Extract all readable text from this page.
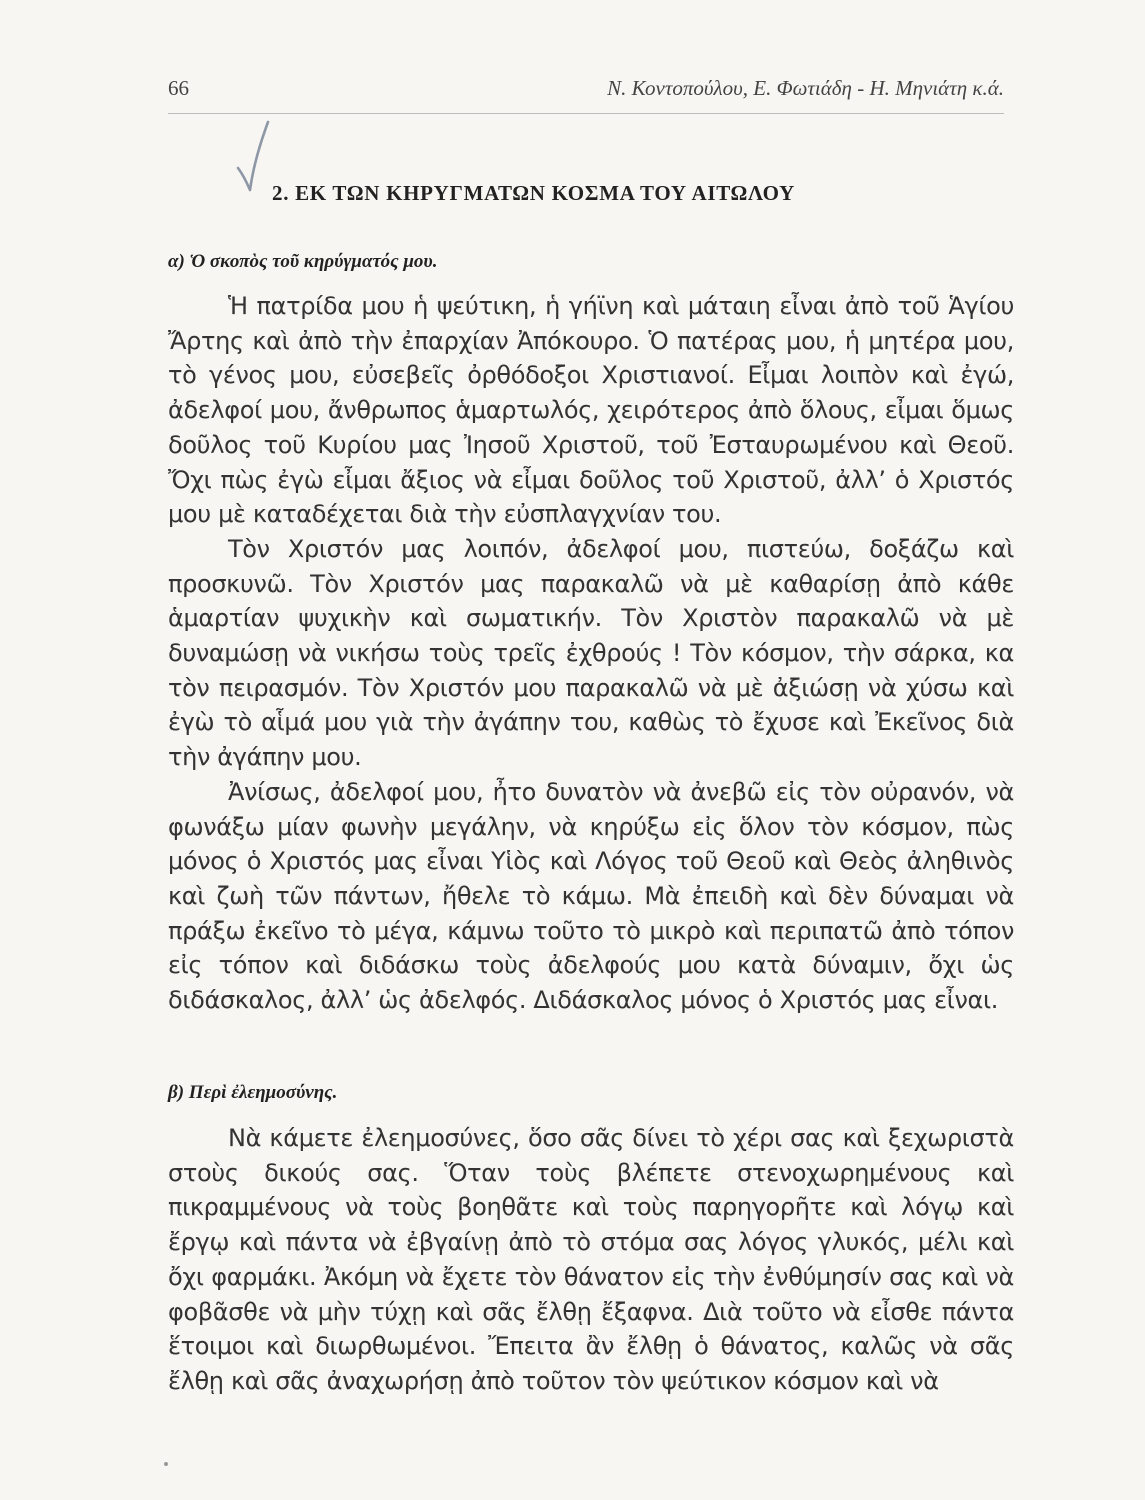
66	Ν. Κοντοπούλου, Ε. Φωτιάδη - Η. Μηνιάτη κ.ά.
2. ΕΚ ΤΩΝ ΚΗΡΥΓΜΑΤΩΝ ΚΟΣΜΑ ΤΟΥ ΑΙΤΩΛΟΥ
α) Ὁ σκοπὸς τοῦ κηρύγματός μου.

Ἡ πατρίδα μου ἡ ψεύτικη, ἡ γήϊνη καὶ μάταιη εἶναι ἀπὸ τοῦ Ἁγίου Ἄρτης καὶ ἀπὸ τὴν ἐπαρχίαν Ἀπόκουρο. Ὁ πατέρας μου, ἡ μητέρα μου, τὸ γένος μου, εὐσεβεῖς ὀρθόδοξοι Χριστιανοί. Εἶμαι λοιπὸν καὶ ἐγώ, ἀδελφοί μου, ἄνθρωπος ἁμαρτωλός, χειρότερος ἀπὸ ὅλους, εἶμαι ὅμως δοῦλος τοῦ Κυρίου μας Ἰησοῦ Χριστοῦ, τοῦ Ἐσταυρωμένου καὶ Θεοῦ. Ὄχι πὼς ἐγὼ εἶμαι ἄξιος νὰ εἶμαι δοῦλος τοῦ Χριστοῦ, ἀλλ’ ὁ Χριστός μου μὲ καταδέχεται διὰ τὴν εὐσπλαγχνίαν του.

Τὸν Χριστόν μας λοιπόν, ἀδελφοί μου, πιστεύω, δοξάζω καὶ προσκυνῶ. Τὸν Χριστόν μας παρακαλῶ νὰ μὲ καθαρίσῃ ἀπὸ κάθε ἁμαρτίαν ψυχικὴν καὶ σωματικήν. Τὸν Χριστὸν παρακαλῶ νὰ μὲ δυναμώσῃ νὰ νικήσω τοὺς τρεῖς ἐχθρούς ! Τὸν κόσμον, τὴν σάρκα, κα τὸν πειρασμόν. Τὸν Χριστόν μου παρακαλῶ νὰ μὲ ἀξιώσῃ νὰ χύσω καὶ ἐγὼ τὸ αἷμά μου γιὰ τὴν ἀγάπην του, καθὼς τὸ ἔχυσε καὶ Ἐκεῖνος διὰ τὴν ἀγάπην μου.

Ἀνίσως, ἀδελφοί μου, ἦτο δυνατὸν νὰ ἀνεβῶ εἰς τὸν οὐρανόν, νὰ φωνάξω μίαν φωνὴν μεγάλην, νὰ κηρύξω εἰς ὅλον τὸν κόσμον, πὼς μόνος ὁ Χριστός μας εἶναι Υἱὸς καὶ Λόγος τοῦ Θεοῦ καὶ Θεὸς ἀληθινὸς καὶ ζωὴ τῶν πάντων, ἤθελε τὸ κάμω. Μὰ ἐπειδὴ καὶ δὲν δύναμαι νὰ πράξω ἐκεῖνο τὸ μέγα, κάμνω τοῦτο τὸ μικρὸ καὶ περιπατῶ ἀπὸ τόπον εἰς τόπον καὶ διδάσκω τοὺς ἀδελφούς μου κατὰ δύναμιν, ὄχι ὡς διδάσκαλος, ἀλλ’ ὡς ἀδελφός. Διδάσκαλος μόνος ὁ Χριστός μας εἶναι.

β) Περὶ ἐλεημοσύνης.

Νὰ κάμετε ἐλεημοσύνες, ὅσο σᾶς δίνει τὸ χέρι σας καὶ ξεχωριστὰ στοὺς δικούς σας. Ὅταν τοὺς βλέπετε στενοχωρημένους καὶ πικραμμένους νὰ τοὺς βοηθᾶτε καὶ τοὺς παρηγορῆτε καὶ λόγῳ καὶ ἔργῳ καὶ πάντα νὰ ἐβγαίνῃ ἀπὸ τὸ στόμα σας λόγος γλυκός, μέλι καὶ ὄχι φαρμάκι. Ἀκόμη νὰ ἔχετε τὸν θάνατον εἰς τὴν ἐνθύμησίν σας καὶ νὰ φοβᾶσθε νὰ μὴν τύχῃ καὶ σᾶς ἔλθῃ ἔξαφνα. Διὰ τοῦτο νὰ εἶσθε πάντα ἕτοιμοι καὶ διωρθωμένοι. Ἔπειτα ἂν ἔλθῃ ὁ θάνατος, καλῶς νὰ σᾶς ἔλθῃ καὶ σᾶς ἀναχωρήσῃ ἀπὸ τοῦτον τὸν ψεύτικον κόσμον καὶ νὰ
